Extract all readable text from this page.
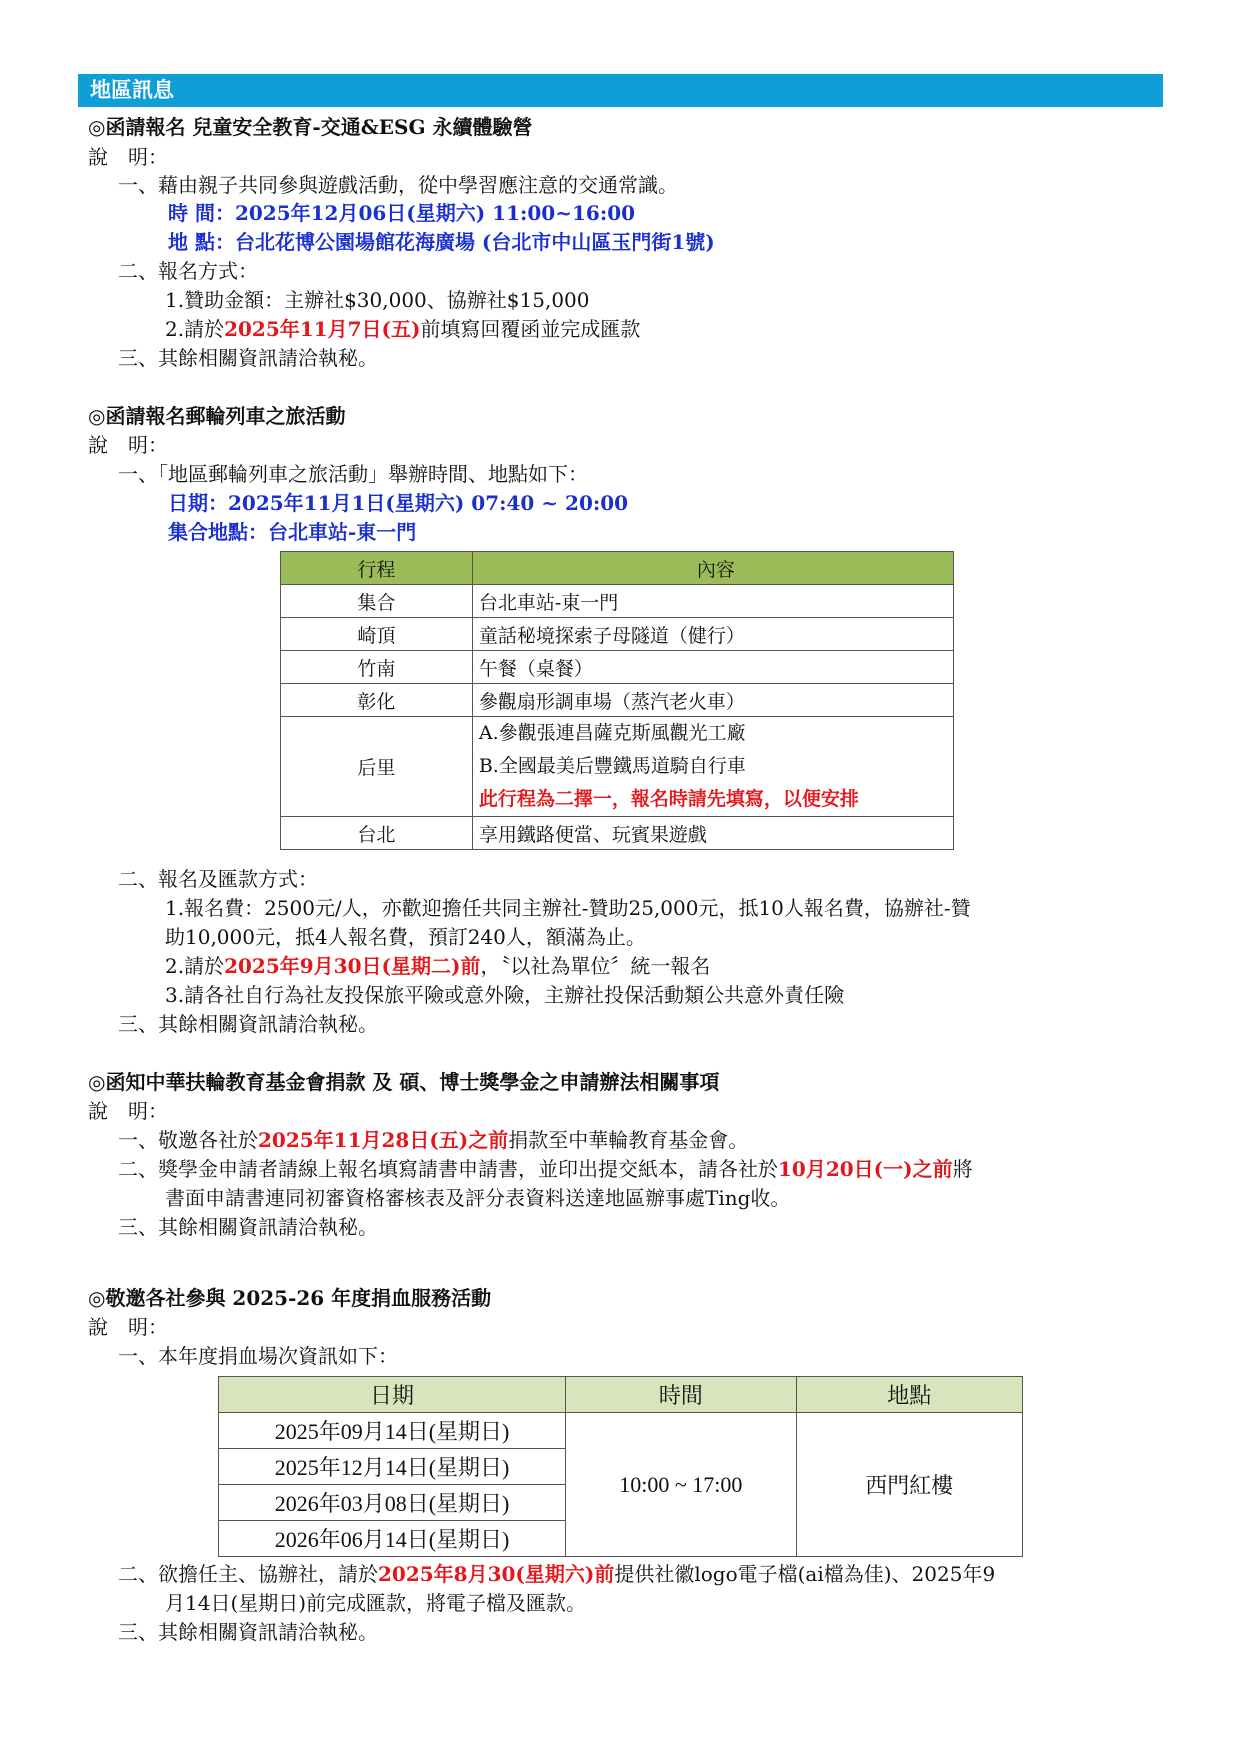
地區訊息
◎函請報名 兒童安全教育-交通&ESG 永續體驗營
說　明：
一、藉由親子共同參與遊戲活動，從中學習應注意的交通常識。
時 間：2025年12月06日(星期六) 11:00~16:00
地 點：台北花博公園場館花海廣場 (台北市中山區玉門街1號)
二、報名方式：
1.贊助金額：主辦社$30,000、協辦社$15,000
2.請於2025年11月7日(五)前填寫回覆函並完成匯款
三、其餘相關資訊請洽執秘。
◎函請報名郵輪列車之旅活動
說　明：
一、「地區郵輪列車之旅活動」舉辦時間、地點如下：
日期：2025年11月1日(星期六) 07:40 ~ 20:00
集合地點：台北車站-東一門
行程	內容
集合	台北車站-東一門
崎頂	童話秘境探索子母隧道（健行）
竹南	午餐（桌餐）
彰化	參觀扇形調車場（蒸汽老火車）
后里	A.參觀張連昌薩克斯風觀光工廠
B.全國最美后豐鐵馬道騎自行車
此行程為二擇一，報名時請先填寫，以便安排

台北	享用鐵路便當、玩賓果遊戲
二、報名及匯款方式：
1.報名費：2500元/人，亦歡迎擔任共同主辦社-贊助25,000元，抵10人報名費，協辦社-贊
助10,000元，抵4人報名費，預訂240人，額滿為止。
2.請於2025年9月30日(星期二)前，〝以社為單位〞統一報名
3.請各社自行為社友投保旅平險或意外險，主辦社投保活動類公共意外責任險
三、其餘相關資訊請洽執秘。
◎函知中華扶輪教育基金會捐款 及 碩、博士獎學金之申請辦法相關事項
說　明：
一、敬邀各社於2025年11月28日(五)之前捐款至中華輪教育基金會。
二、獎學金申請者請線上報名填寫請書申請書，並印出提交紙本，請各社於10月20日(一)之前將
書面申請書連同初審資格審核表及評分表資料送達地區辦事處Ting收。
三、其餘相關資訊請洽執秘。
◎敬邀各社參與 2025-26 年度捐血服務活動
說　明：
一、本年度捐血場次資訊如下：
日期	時間	地點
2025年09月14日(星期日)	10:00 ~ 17:00	西門紅樓
2025年12月14日(星期日)		
2026年03月08日(星期日)		
2026年06月14日(星期日)		
二、欲擔任主、協辦社，請於2025年8月30(星期六)前提供社徽logo電子檔(ai檔為佳)、2025年9
月14日(星期日)前完成匯款，將電子檔及匯款。
三、其餘相關資訊請洽執秘。
